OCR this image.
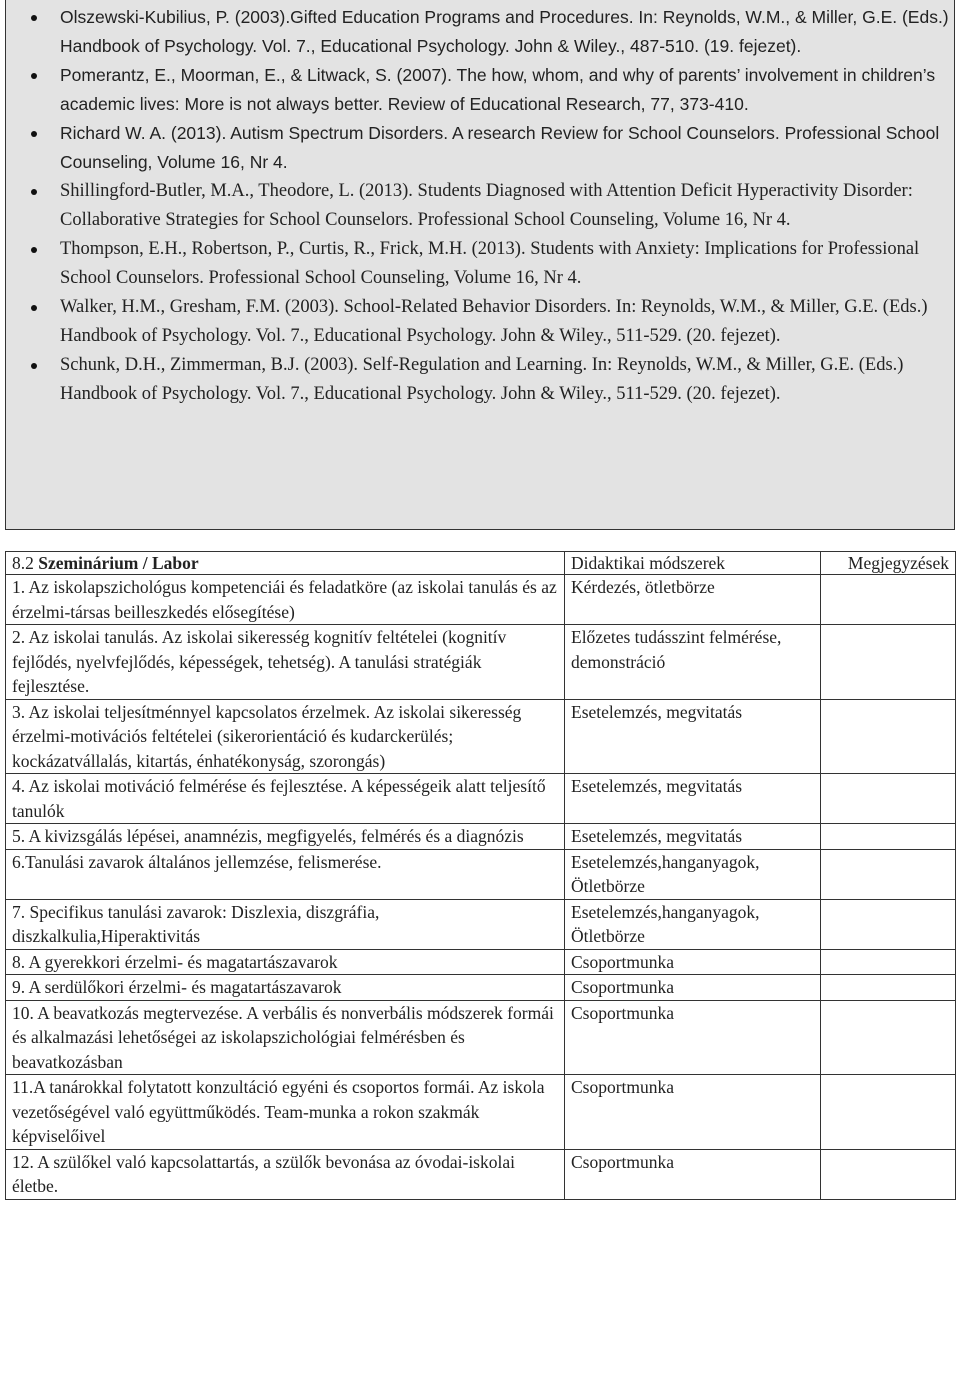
Olszewski-Kubilius, P. (2003).Gifted Education Programs and Procedures. In: Reynolds, W.M., & Miller, G.E. (Eds.) Handbook of Psychology. Vol. 7., Educational Psychology. John & Wiley., 487-510. (19. fejezet).
Pomerantz, E., Moorman, E., & Litwack, S. (2007). The how, whom, and why of parents’ involvement in children’s academic lives: More is not always better. Review of Educational Research, 77, 373-410.
Richard W. A. (2013). Autism Spectrum Disorders. A research Review for School Counselors. Professional School Counseling, Volume 16, Nr 4.
Shillingford-Butler, M.A., Theodore, L. (2013). Students Diagnosed with Attention Deficit Hyperactivity Disorder: Collaborative Strategies for School Counselors. Professional School Counseling, Volume 16, Nr 4.
Thompson, E.H., Robertson, P., Curtis, R., Frick, M.H. (2013). Students with Anxiety: Implications for Professional School Counselors. Professional School Counseling, Volume 16, Nr 4.
Walker, H.M., Gresham, F.M. (2003). School-Related Behavior Disorders. In: Reynolds, W.M., & Miller, G.E. (Eds.) Handbook of Psychology. Vol. 7., Educational Psychology. John & Wiley., 511-529. (20. fejezet).
Schunk, D.H., Zimmerman, B.J. (2003). Self-Regulation and Learning. In: Reynolds, W.M., & Miller, G.E. (Eds.) Handbook of Psychology. Vol. 7., Educational Psychology. John & Wiley., 511-529. (20. fejezet).
8.2 Szeminárium / Labor	Didaktikai módszerek	Megjegyzések
1. Az iskolapszichológus kompetenciái és feladatköre (az iskolai tanulás és az érzelmi-társas beilleszkedés elősegítése)	Kérdezés, ötletbörze	
2. Az iskolai tanulás. Az iskolai sikeresség kognitív feltételei (kognitív fejlődés, nyelvfejlődés, képességek, tehetség). A tanulási stratégiák fejlesztése.	Előzetes tudásszint felmérése, demonstráció	
3. Az iskolai teljesítménnyel kapcsolatos érzelmek. Az iskolai sikeresség érzelmi-motivációs feltételei (sikerorientáció és kudarckerülés; kockázatvállalás, kitartás, énhatékonyság, szorongás)	Esetelemzés, megvitatás	
4. Az iskolai motiváció felmérése és fejlesztése. A képességeik alatt teljesítő tanulók	Esetelemzés, megvitatás	
5. A kivizsgálás lépései, anamnézis, megfigyelés, felmérés és a diagnózis	Esetelemzés, megvitatás	
6.Tanulási zavarok általános jellemzése, felismerése.	Esetelemzés,hanganyagok, Ötletbörze	
7. Specifikus tanulási zavarok: Diszlexia, diszgráfia, diszkalkulia,Hiperaktivitás	Esetelemzés,hanganyagok, Ötletbörze	
8. A gyerekkori érzelmi- és magatartászavarok	Csoportmunka	
9. A serdülőkori érzelmi- és magatartászavarok	Csoportmunka	
10. A beavatkozás megtervezése. A verbális és nonverbális módszerek formái és alkalmazási lehetőségei az iskolapszichológiai felmérésben és beavatkozásban	Csoportmunka	
11.A tanárokkal folytatott konzultáció egyéni és csoportos formái. Az iskola vezetőségével való együttműködés. Team-munka a rokon szakmák képviselőivel	Csoportmunka	
12. A szülőkel való kapcsolattartás, a szülők bevonása az óvodai-iskolai életbe.	Csoportmunka	
